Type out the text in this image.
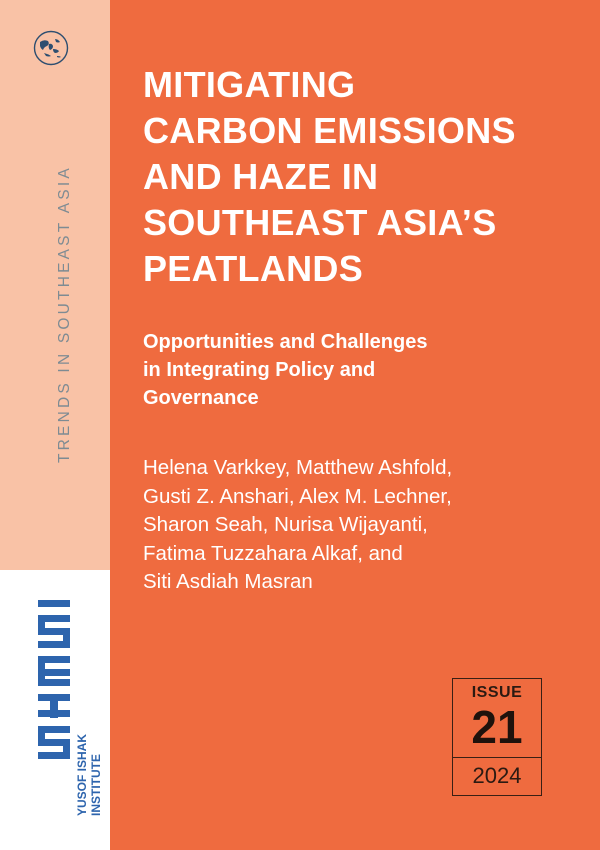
TRENDS IN SOUTHEAST ASIA
YUSOF ISHAK INSTITUTE
MITIGATING
CARBON EMISSIONS
AND HAZE IN
SOUTHEAST ASIA’S
PEATLANDS
Opportunities and Challenges
in Integrating Policy and
Governance

Helena Varkkey, Matthew Ashfold,
Gusti Z. Anshari, Alex M. Lechner,
Sharon Seah, Nurisa Wijayanti,
Fatima Tuzzahara Alkaf, and
Siti Asdiah Masran

ISSUE
21
2024
